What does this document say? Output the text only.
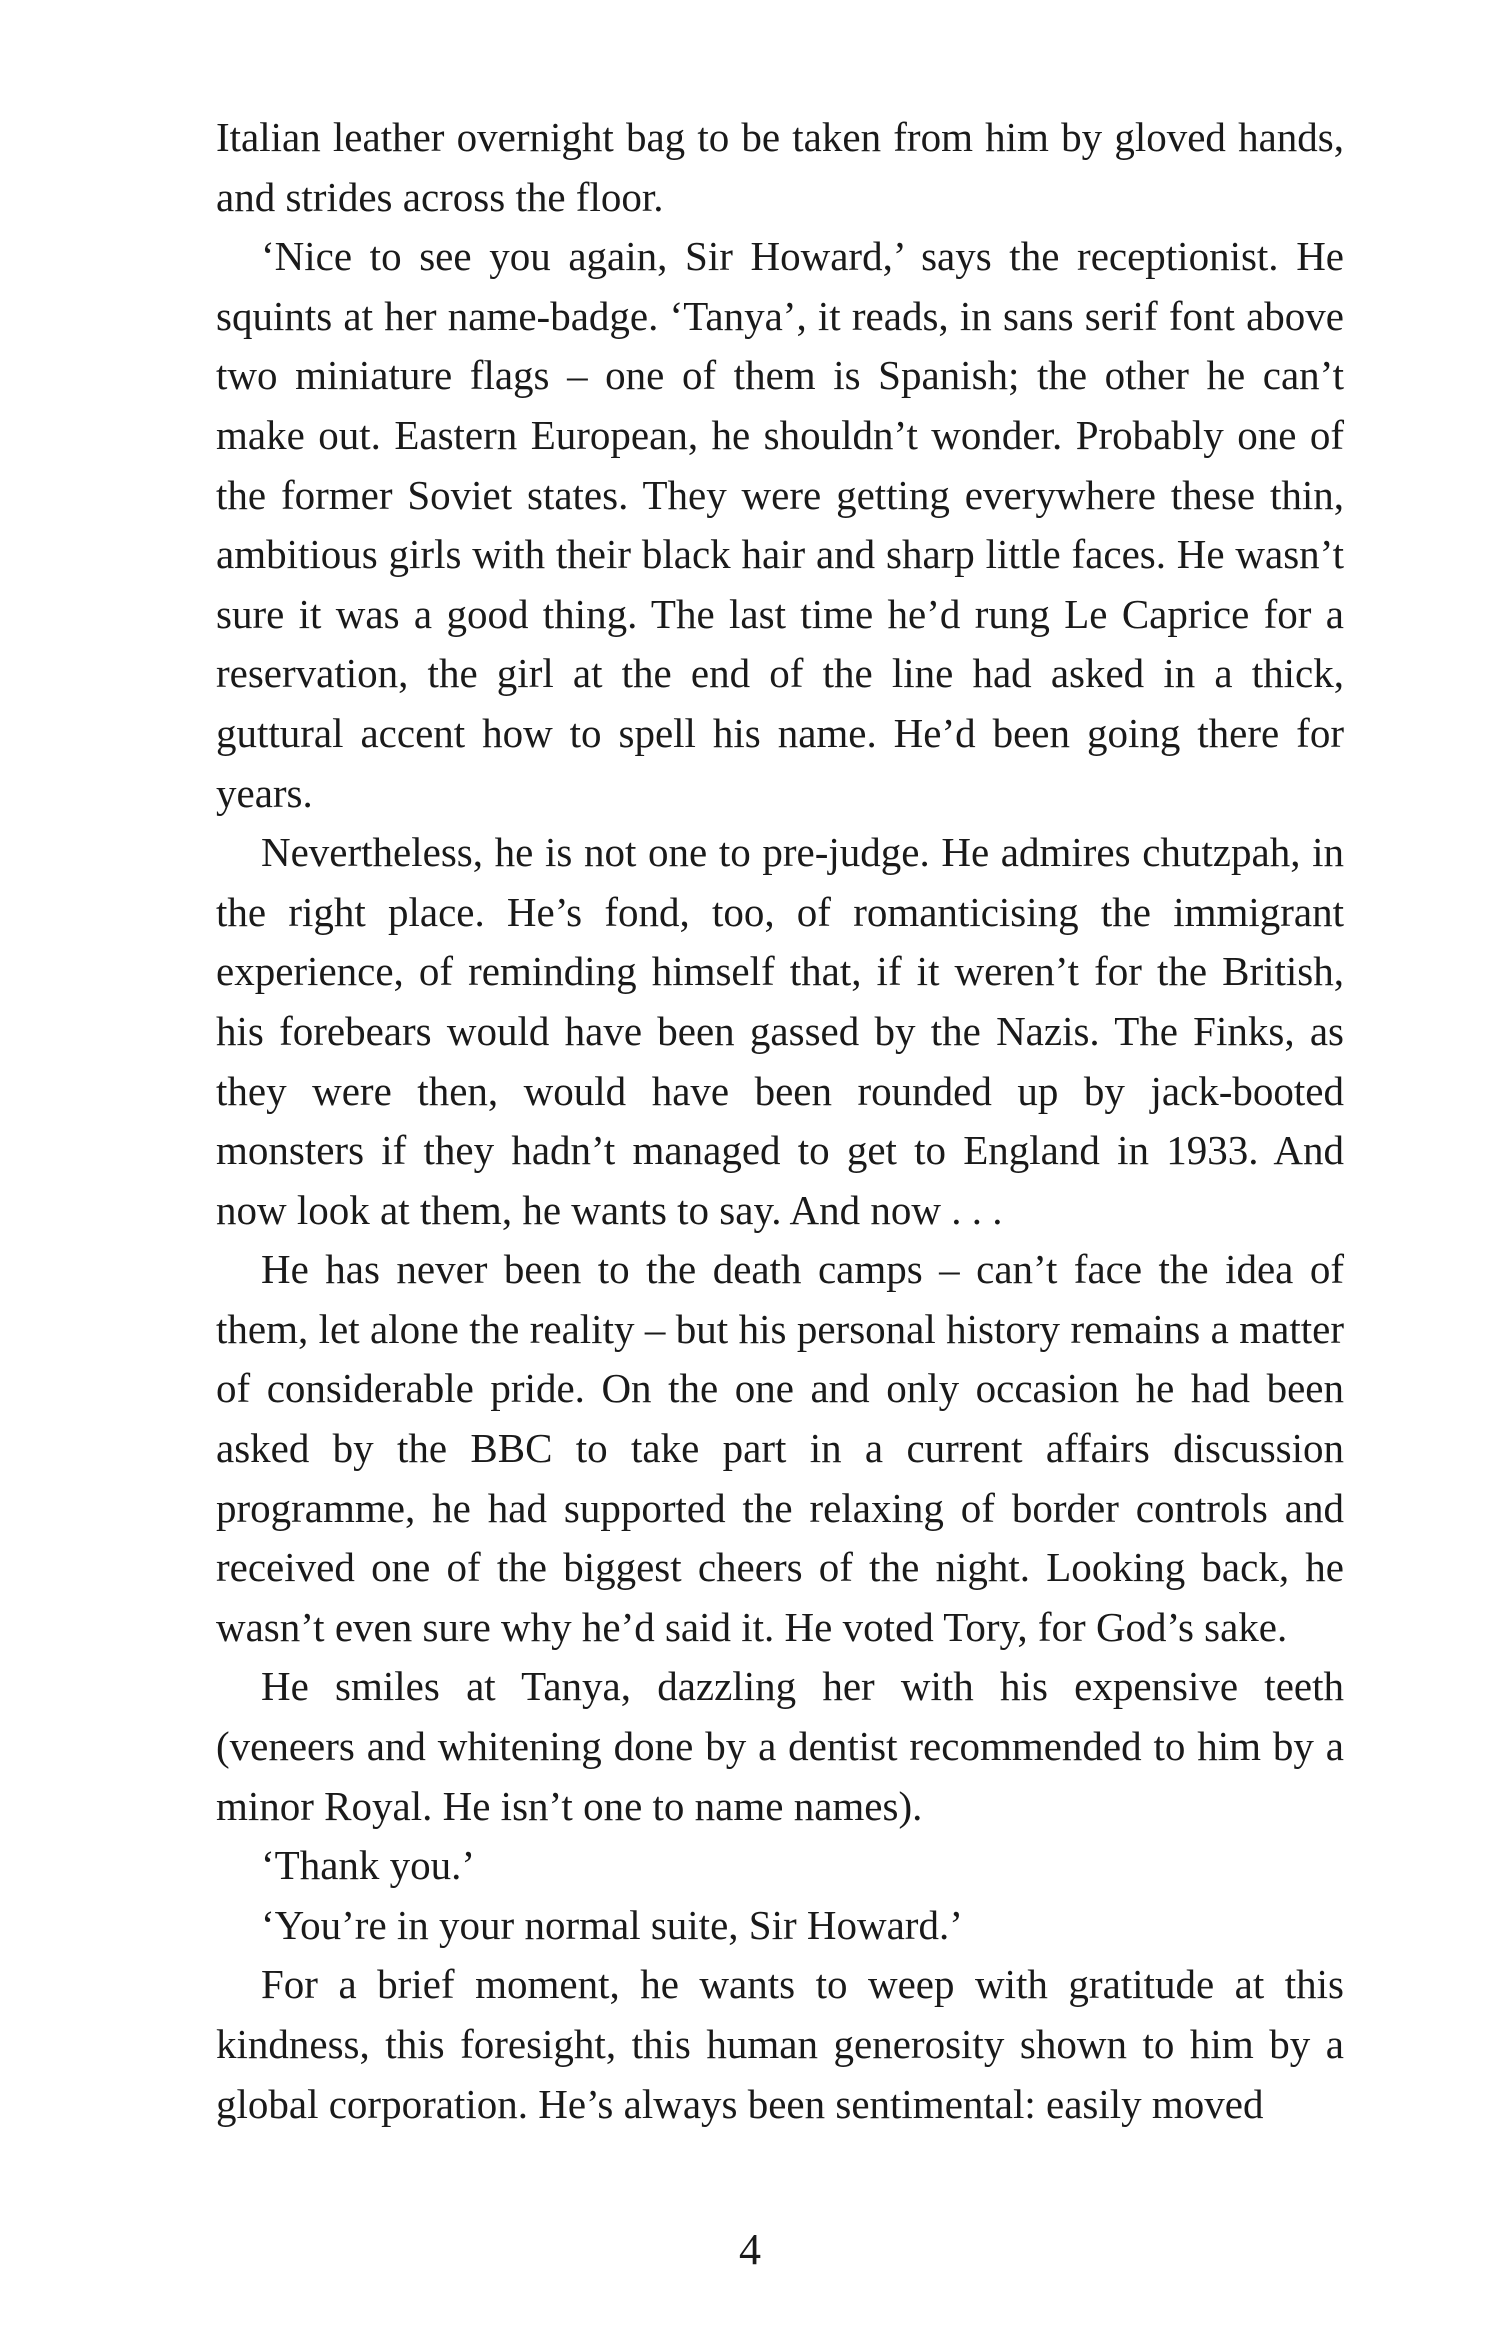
Italian leather overnight bag to be taken from him by gloved hands, and strides across the floor.

‘Nice to see you again, Sir Howard,’ says the receptionist. He squints at her name-badge. ‘Tanya’, it reads, in sans serif font above two miniature flags – one of them is Spanish; the other he can’t make out. Eastern European, he shouldn’t wonder. Probably one of the former Soviet states. They were getting everywhere these thin, ambitious girls with their black hair and sharp little faces. He wasn’t sure it was a good thing. The last time he’d rung Le Caprice for a reservation, the girl at the end of the line had asked in a thick, guttural accent how to spell his name. He’d been going there for years.

Nevertheless, he is not one to pre-judge. He admires chutzpah, in the right place. He’s fond, too, of romanticising the immigrant experience, of reminding himself that, if it weren’t for the British, his forebears would have been gassed by the Nazis. The Finks, as they were then, would have been rounded up by jack-booted monsters if they hadn’t managed to get to England in 1933. And now look at them, he wants to say. And now . . .

He has never been to the death camps – can’t face the idea of them, let alone the reality – but his personal history remains a matter of considerable pride. On the one and only occasion he had been asked by the BBC to take part in a current affairs discussion programme, he had supported the relaxing of border controls and received one of the biggest cheers of the night. Looking back, he wasn’t even sure why he’d said it. He voted Tory, for God’s sake.

He smiles at Tanya, dazzling her with his expensive teeth (veneers and whitening done by a dentist recommended to him by a minor Royal. He isn’t one to name names).

‘Thank you.’

‘You’re in your normal suite, Sir Howard.’

For a brief moment, he wants to weep with gratitude at this kindness, this foresight, this human generosity shown to him by a global corporation. He’s always been sentimental: easily moved

4
